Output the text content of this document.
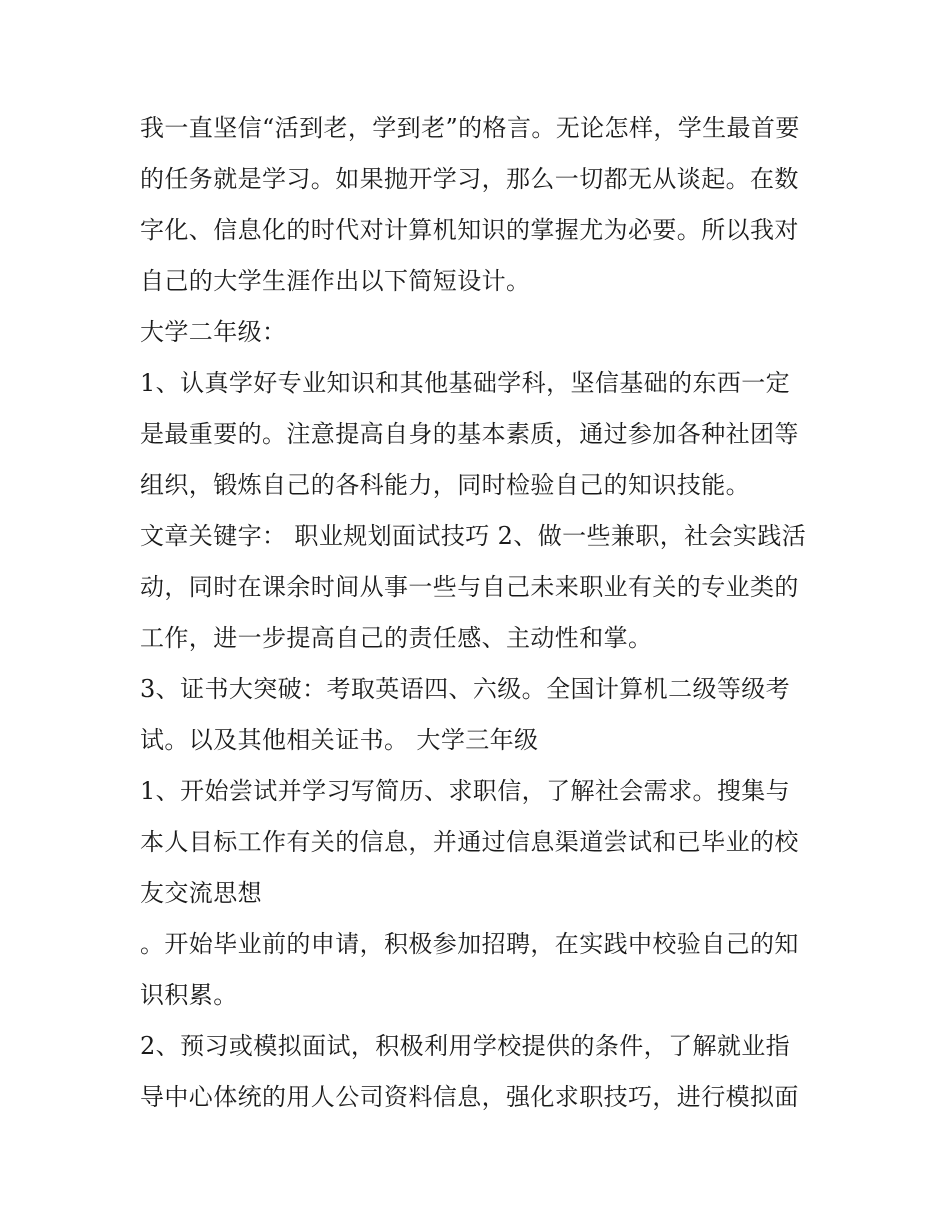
我一直坚信“活到老，学到老”的格言。无论怎样，学生最首要
的任务就是学习。如果抛开学习，那么一切都无从谈起。在数
字化、信息化的时代对计算机知识的掌握尤为必要。所以我对
自己的大学生涯作出以下简短设计。
大学二年级：
1、认真学好专业知识和其他基础学科，坚信基础的东西一定
是最重要的。注意提高自身的基本素质，通过参加各种社团等
组织，锻炼自己的各科能力，同时检验自己的知识技能。
文章关键字： 职业规划面试技巧 2、做一些兼职，社会实践活
动，同时在课余时间从事一些与自己未来职业有关的专业类的
工作，进一步提高自己的责任感、主动性和掌。
3、证书大突破：考取英语四、六级。全国计算机二级等级考
试。以及其他相关证书。 大学三年级
1、开始尝试并学习写简历、求职信，了解社会需求。搜集与
本人目标工作有关的信息，并通过信息渠道尝试和已毕业的校
友交流思想
。开始毕业前的申请，积极参加招聘，在实践中校验自己的知
识积累。
2、预习或模拟面试，积极利用学校提供的条件，了解就业指
导中心体统的用人公司资料信息，强化求职技巧，进行模拟面
